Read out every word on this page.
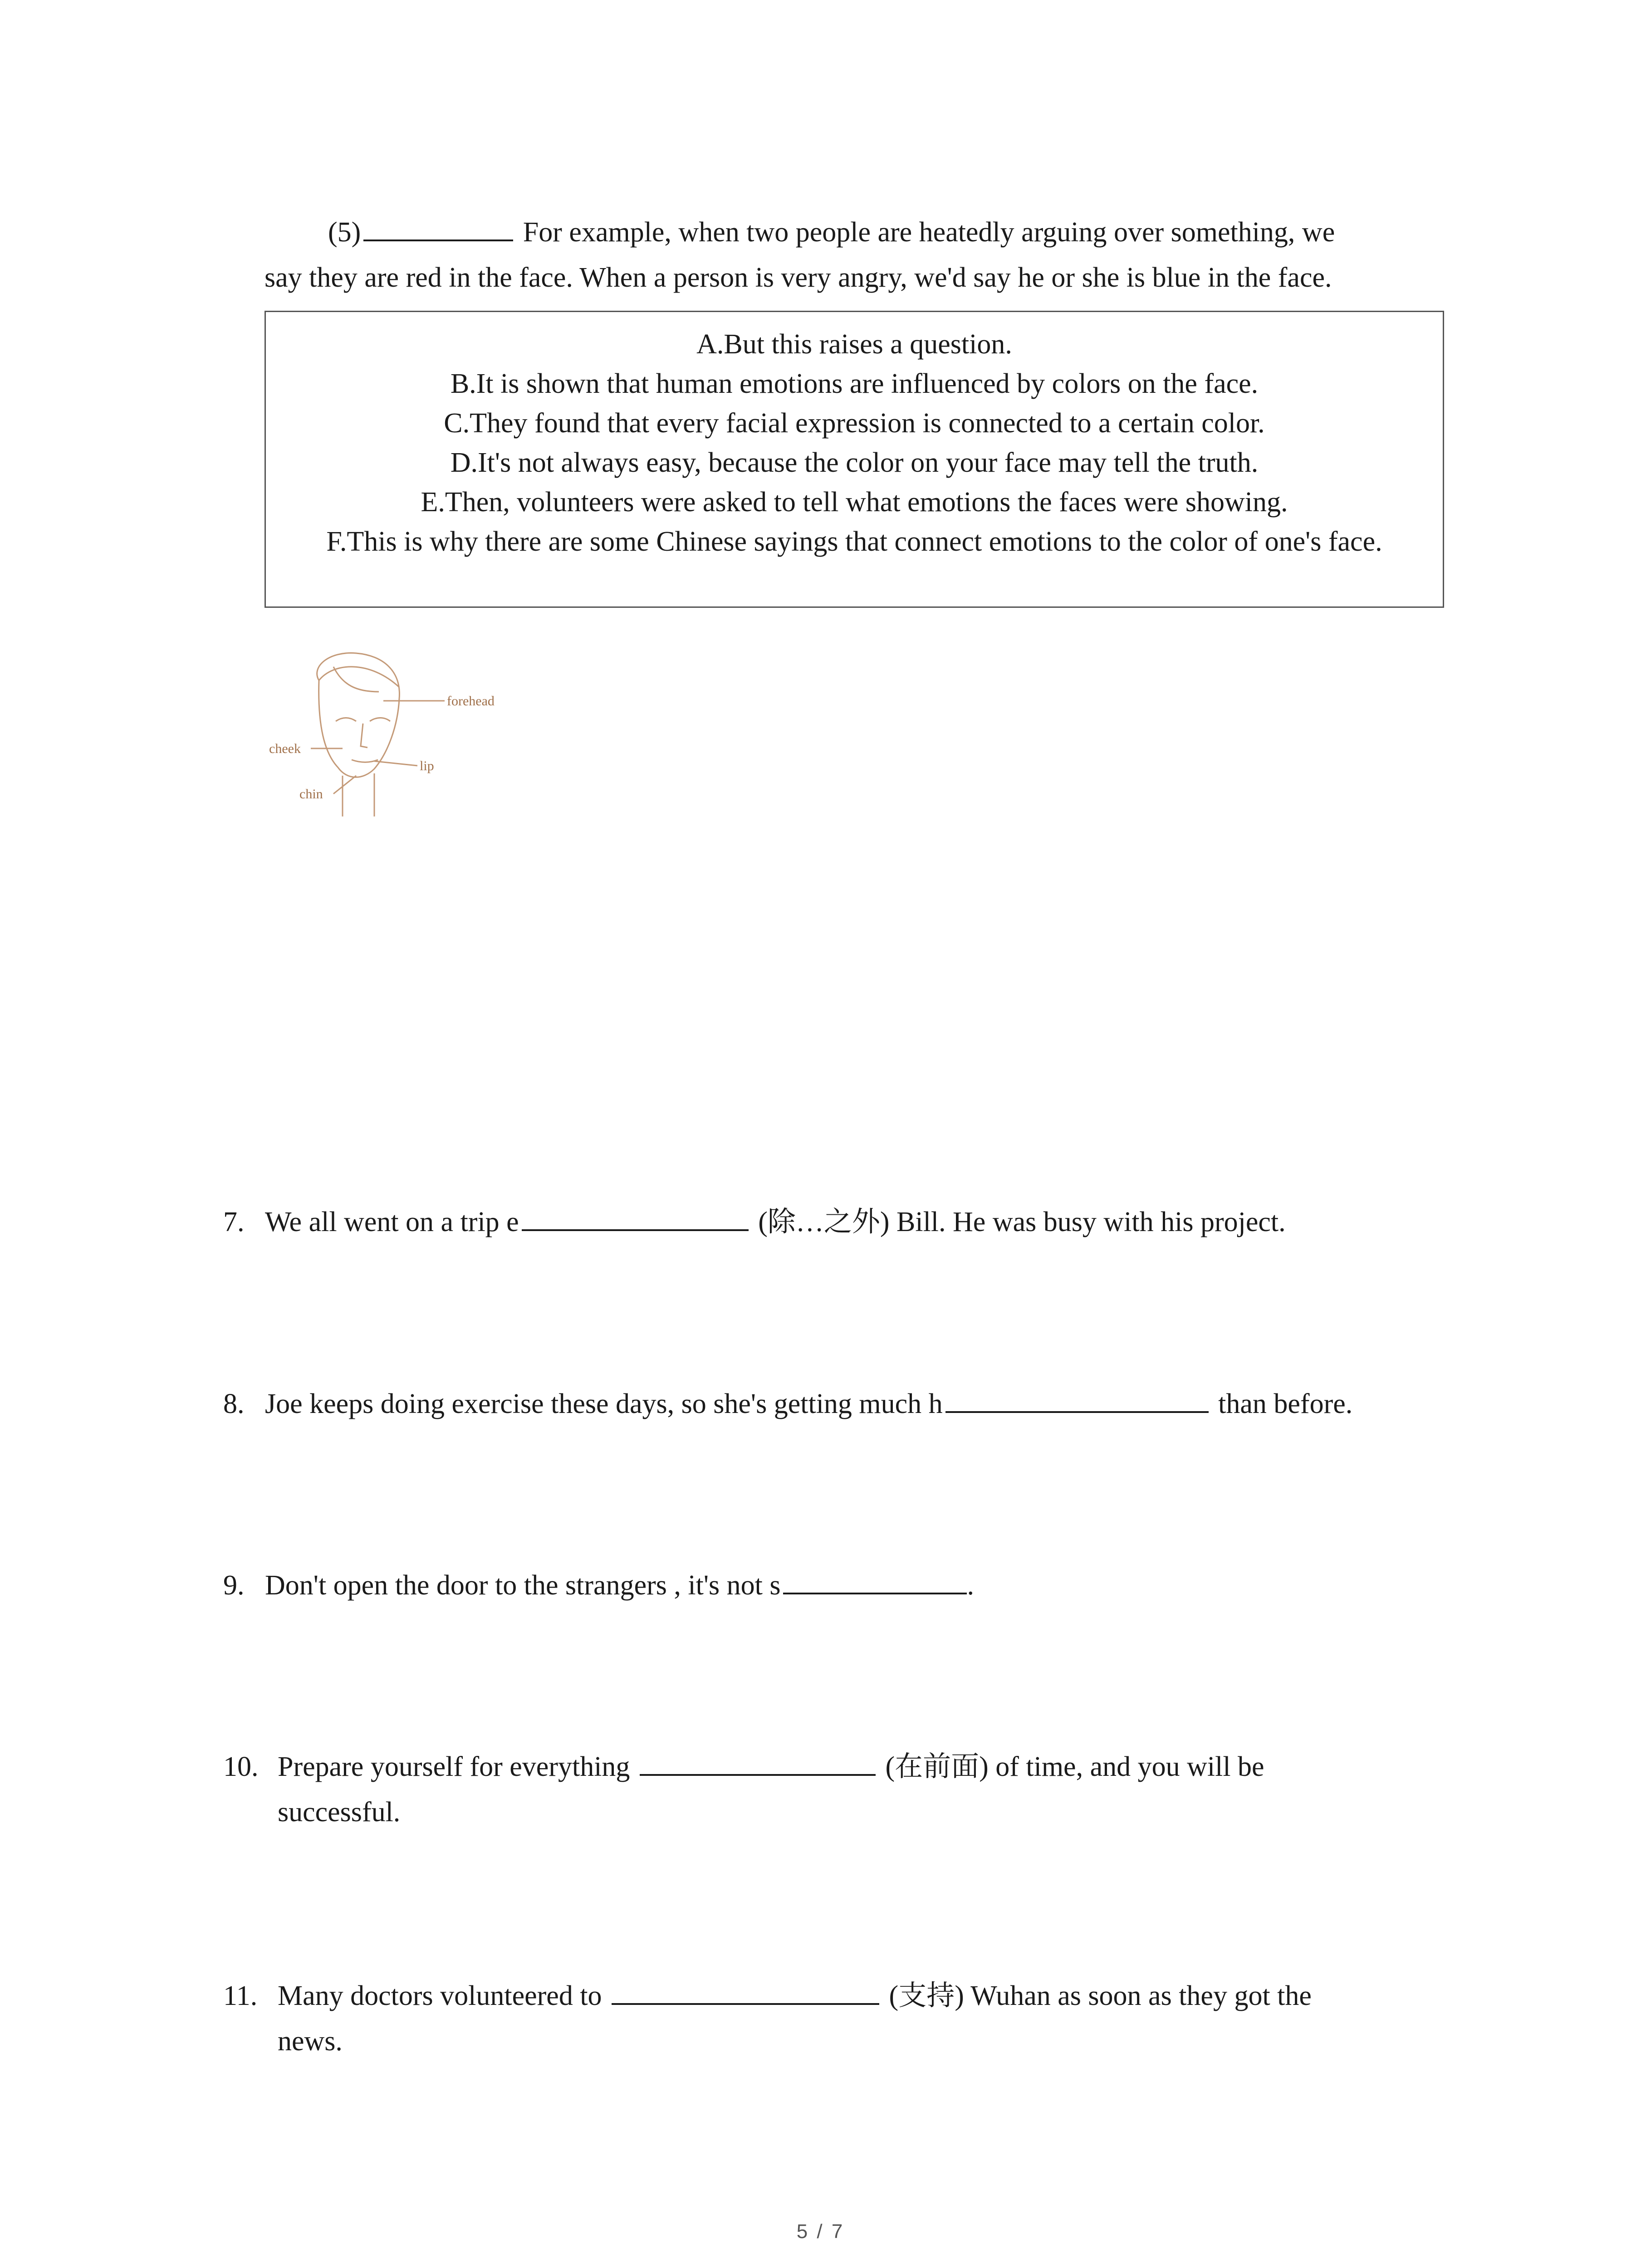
(5)	For example, when two people are heatedly arguing over something, we

say they are red in the face. When a person is very angry, we'd say he or she is blue in the face.

A.But this raises a question.
B.It is shown that human emotions are influenced by colors on the face.
C.They found that every facial expression is connected to a certain color.
D.It's not always easy, because the color on your face may tell the truth.
E.Then, volunteers were asked to tell what emotions the faces were showing.
F.This is why there are some Chinese sayings that connect emotions to the color of one's face.
forehead
cheek
lip
chin
7. We all went on a trip e	(除…之外) Bill. He was busy with his project.
8. Joe keeps doing exercise these days, so she's getting much h	than before.
9. Don't open the door to the strangers , it's not s	.
10. Prepare yourself for everything	(在前面) of time, and you will be
successful.
11. Many doctors volunteered to	(支持) Wuhan as soon as they got the
news.
5 / 7
